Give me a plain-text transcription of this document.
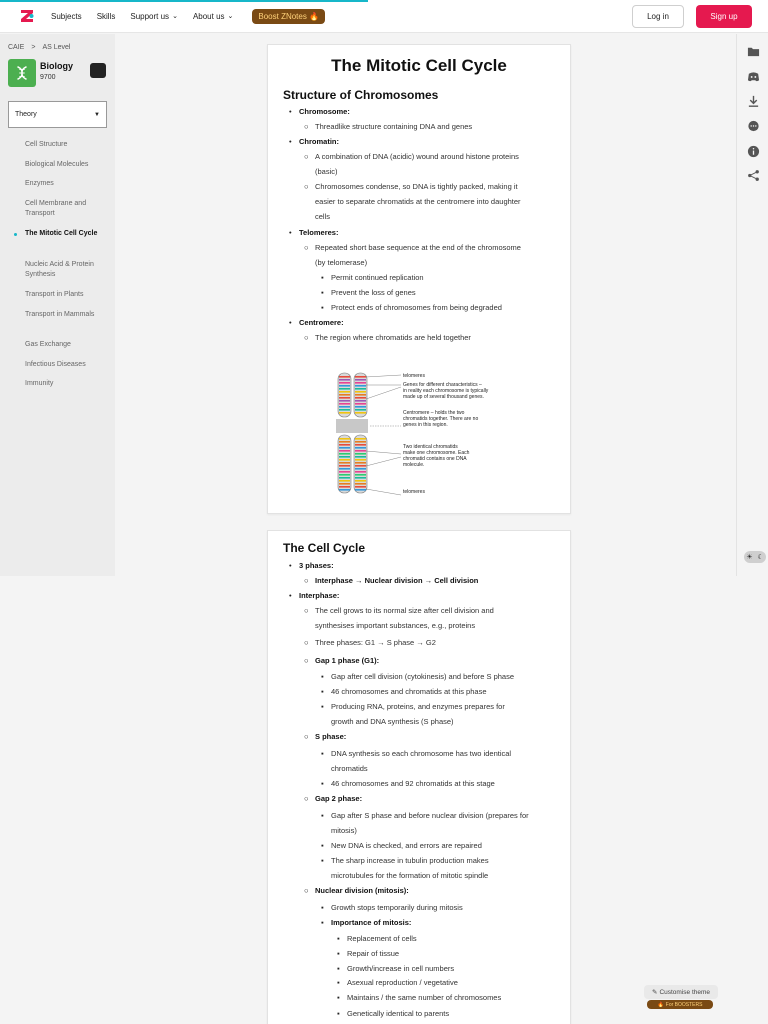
Subjects Skills Support us ⌄ About us ⌄	Boost ZNotes 🔥	Log in	Sign up
CAIE > AS Level
Biology
9700
Theory	▼
Cell Structure
Biological Molecules
Enzymes
Cell Membrane and Transport
The Mitotic Cell Cycle
Nucleic Acid & Protein Synthesis
Transport in Plants
Transport in Mammals
Gas Exchange
Infectious Diseases
Immunity
☀ ☾
The Mitotic Cell Cycle
Structure of Chromosomes
• Chromosome:
○ Threadlike structure containing DNA and genes
• Chromatin:
○ A combination of DNA (acidic) wound around histone proteins
(basic)
○ Chromosomes condense, so DNA is tightly packed, making it
easier to separate chromatids at the centromere into daughter
cells
• Telomeres:
○ Repeated short base sequence at the end of the chromosome
(by telomerase)
▪ Permit continued replication
▪ Prevent the loss of genes
▪ Protect ends of chromosomes from being degraded
• Centromere:
○ The region where chromatids are held together
telomeres
Genes for different characteristics –
in reality each chromosome is typically
made up of several thousand genes.
Centromere – holds the two
chromatids together. There are no
genes in this region.
Two identical chromatids
make one chromosome. Each
chromatid contains one DNA
molecule.
telomeres
The Cell Cycle
• 3 phases:
○ Interphase → Nuclear division → Cell division
• Interphase:
○ The cell grows to its normal size after cell division and
synthesises important substances, e.g., proteins
○ Three phases: G1 → S phase → G2
○ Gap 1 phase (G1):
▪ Gap after cell division (cytokinesis) and before S phase
▪ 46 chromosomes and chromatids at this phase
▪ Producing RNA, proteins, and enzymes prepares for
growth and DNA synthesis (S phase)
○ S phase:
▪ DNA synthesis so each chromosome has two identical
chromatids
▪ 46 chromosomes and 92 chromatids at this stage
○ Gap 2 phase:
▪ Gap after S phase and before nuclear division (prepares for
mitosis)
▪ New DNA is checked, and errors are repaired
▪ The sharp increase in tubulin production makes
microtubules for the formation of mitotic spindle
○ Nuclear division (mitosis):
▪ Growth stops temporarily during mitosis
▪ Importance of mitosis:
▪ Replacement of cells
▪ Repair of tissue
▪ Growth/increase in cell numbers
▪ Asexual reproduction / vegetative
▪ Maintains / the same number of chromosomes
▪ Genetically identical to parents
✎ Customise theme
🔥 For BOOSTERS
